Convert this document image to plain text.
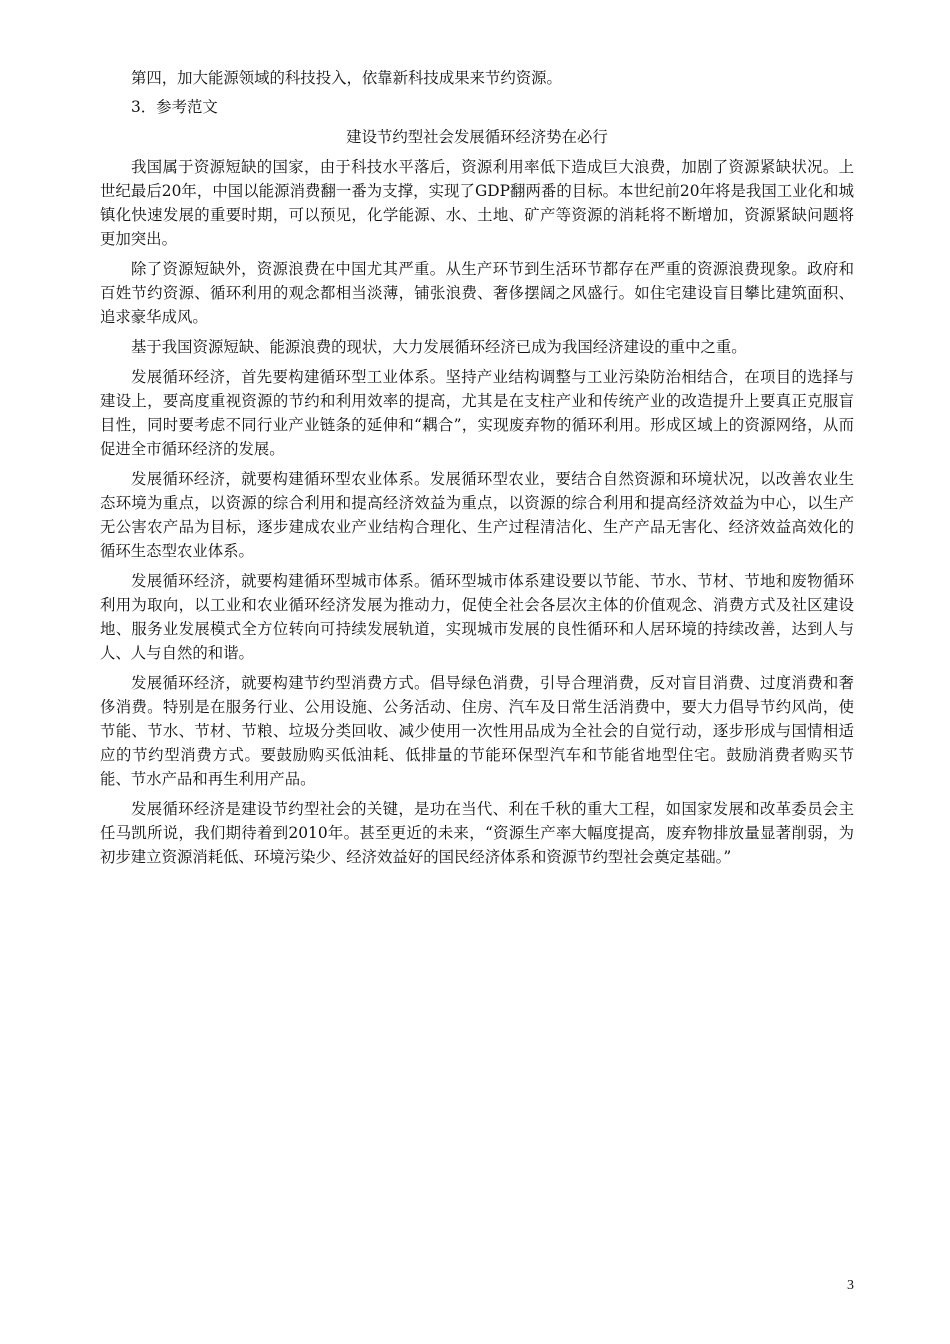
第四，加大能源领域的科技投入，依靠新科技成果来节约资源。

3．参考范文

建设节约型社会发展循环经济势在必行

我国属于资源短缺的国家，由于科技水平落后，资源利用率低下造成巨大浪费，加剧了资源紧缺状况。上世纪最后20年，中国以能源消费翻一番为支撑，实现了GDP翻两番的目标。本世纪前20年将是我国工业化和城镇化快速发展的重要时期，可以预见，化学能源、水、土地、矿产等资源的消耗将不断增加，资源紧缺问题将更加突出。

除了资源短缺外，资源浪费在中国尤其严重。从生产环节到生活环节都存在严重的资源浪费现象。政府和百姓节约资源、循环利用的观念都相当淡薄，铺张浪费、奢侈摆阔之风盛行。如住宅建设盲目攀比建筑面积、追求豪华成风。

基于我国资源短缺、能源浪费的现状，大力发展循环经济已成为我国经济建设的重中之重。

发展循环经济，首先要构建循环型工业体系。坚持产业结构调整与工业污染防治相结合，在项目的选择与建设上，要高度重视资源的节约和利用效率的提高，尤其是在支柱产业和传统产业的改造提升上要真正克服盲目性，同时要考虑不同行业产业链条的延伸和“耦合”，实现废弃物的循环利用。形成区域上的资源网络，从而促进全市循环经济的发展。

发展循环经济，就要构建循环型农业体系。发展循环型农业，要结合自然资源和环境状况，以改善农业生态环境为重点，以资源的综合利用和提高经济效益为重点，以资源的综合利用和提高经济效益为中心，以生产无公害农产品为目标，逐步建成农业产业结构合理化、生产过程清洁化、生产产品无害化、经济效益高效化的循环生态型农业体系。

发展循环经济，就要构建循环型城市体系。循环型城市体系建设要以节能、节水、节材、节地和废物循环利用为取向，以工业和农业循环经济发展为推动力，促使全社会各层次主体的价值观念、消费方式及社区建设地、服务业发展模式全方位转向可持续发展轨道，实现城市发展的良性循环和人居环境的持续改善，达到人与人、人与自然的和谐。

发展循环经济，就要构建节约型消费方式。倡导绿色消费，引导合理消费，反对盲目消费、过度消费和奢侈消费。特别是在服务行业、公用设施、公务活动、住房、汽车及日常生活消费中，要大力倡导节约风尚，使节能、节水、节材、节粮、垃圾分类回收、减少使用一次性用品成为全社会的自觉行动，逐步形成与国情相适应的节约型消费方式。要鼓励购买低油耗、低排量的节能环保型汽车和节能省地型住宅。鼓励消费者购买节能、节水产品和再生利用产品。

发展循环经济是建设节约型社会的关键，是功在当代、利在千秋的重大工程，如国家发展和改革委员会主任马凯所说，我们期待着到2010年。甚至更近的未来，“资源生产率大幅度提高，废弃物排放量显著削弱，为初步建立资源消耗低、环境污染少、经济效益好的国民经济体系和资源节约型社会奠定基础。”

3
